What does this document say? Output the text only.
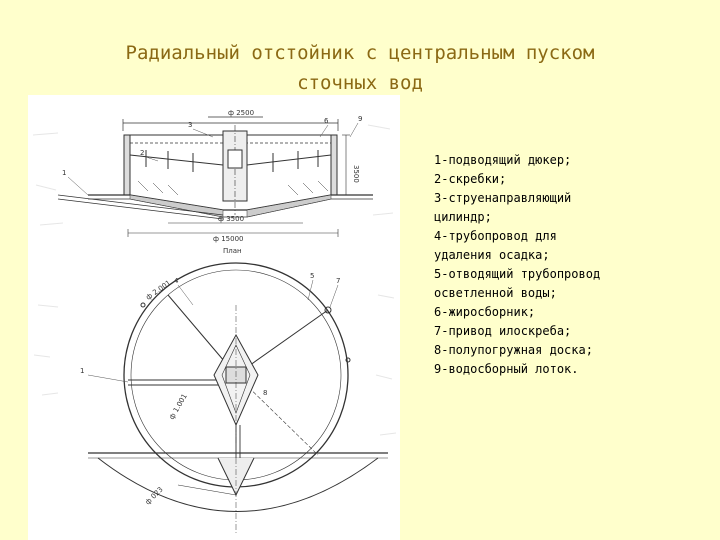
Радиальный отстойник с центральным пуском
сточных вод
ф 2500
ф 3500
ф 15000
3500
1
2
3	6	9
План
1
4
5
7
8
ф 2.001
ф 1.001
ф 023
1-подводящий дюкер;
2-скребки;
3-струенаправляющий
цилиндр;
4-трубопровод для
удаления осадка;
5-отводящий трубопровод
осветленной воды;
6-жиросборник;
7-привод илоскреба;
8-полупогружная доска;
9-водосборный лоток.
